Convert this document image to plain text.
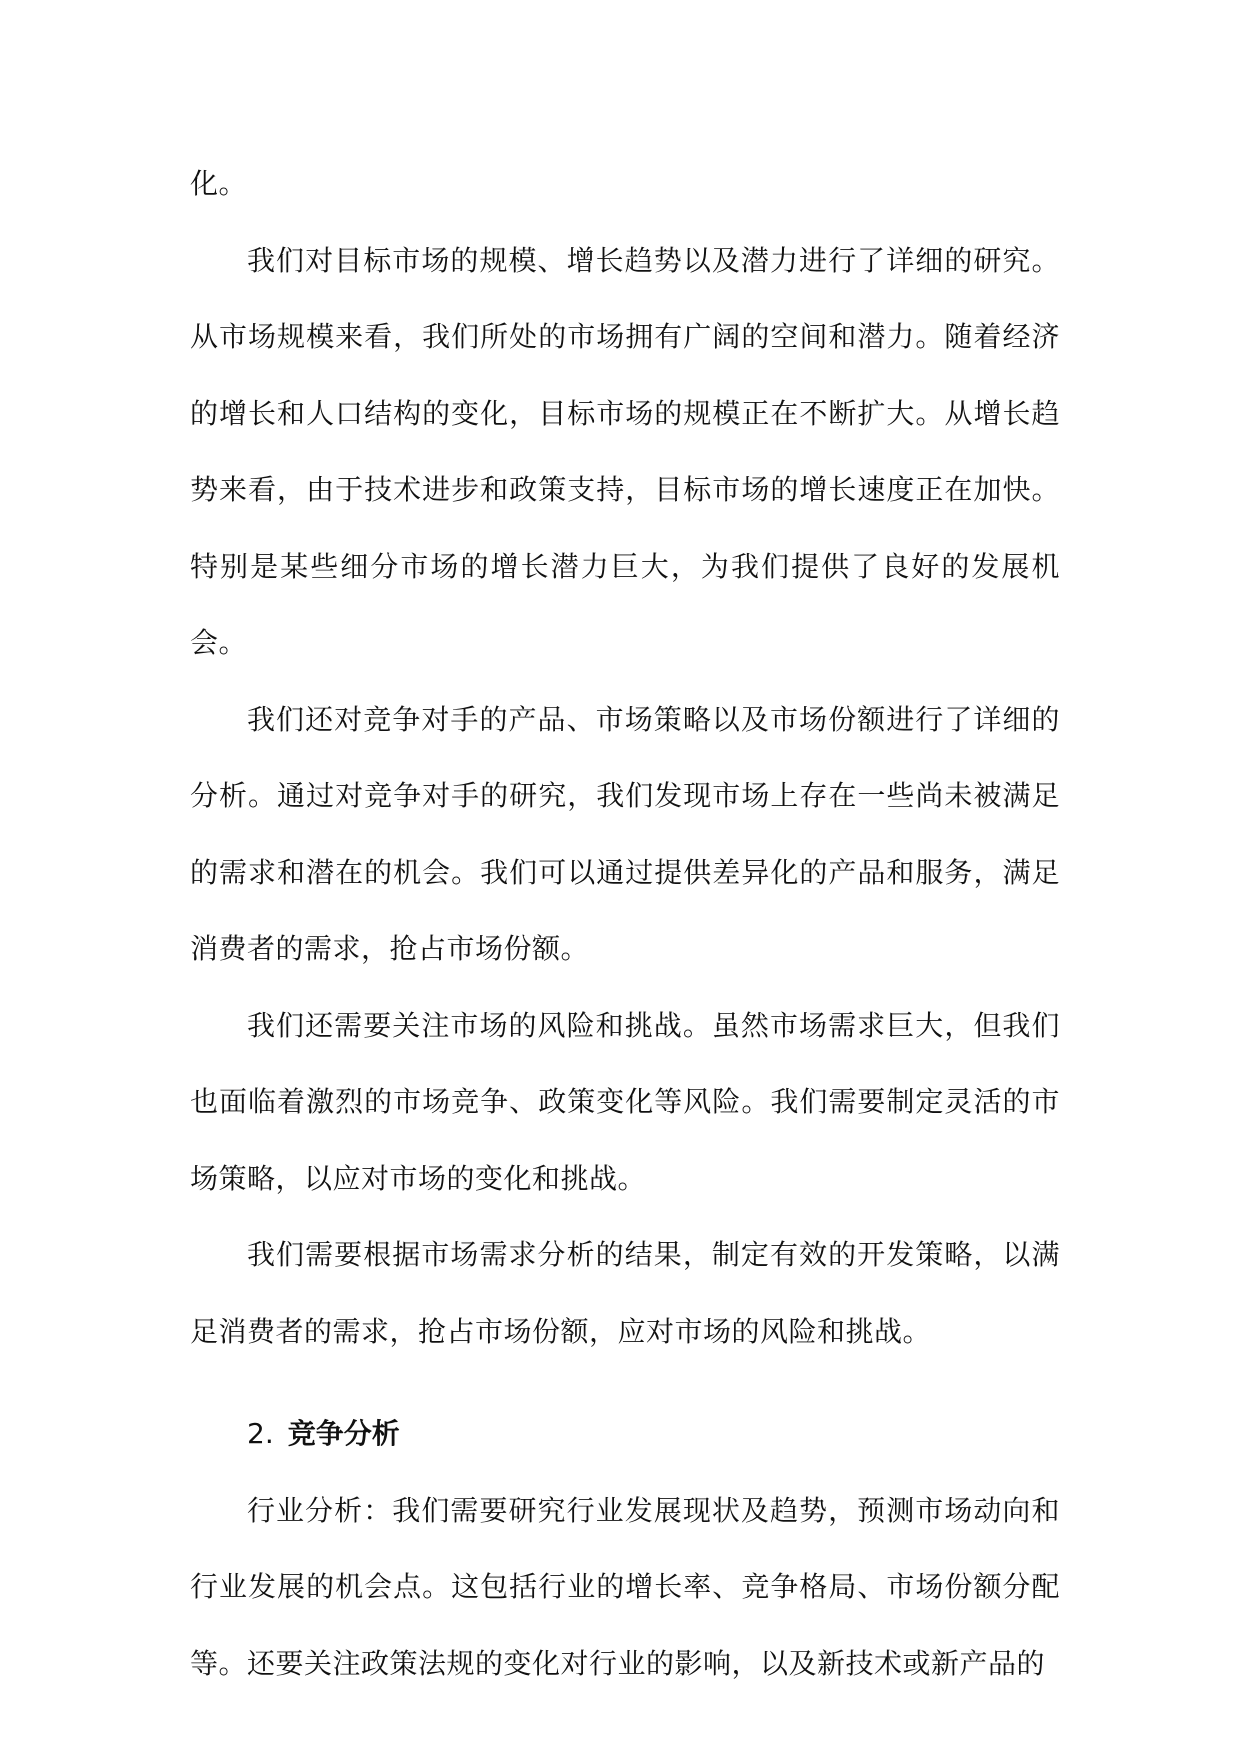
化。

我们对目标市场的规模、增长趋势以及潜力进行了详细的研究。从市场规模来看，我们所处的市场拥有广阔的空间和潜力。随着经济的增长和人口结构的变化，目标市场的规模正在不断扩大。从增长趋势来看，由于技术进步和政策支持，目标市场的增长速度正在加快。特别是某些细分市场的增长潜力巨大，为我们提供了良好的发展机会。

我们还对竞争对手的产品、市场策略以及市场份额进行了详细的分析。通过对竞争对手的研究，我们发现市场上存在一些尚未被满足的需求和潜在的机会。我们可以通过提供差异化的产品和服务，满足消费者的需求，抢占市场份额。

我们还需要关注市场的风险和挑战。虽然市场需求巨大，但我们也面临着激烈的市场竞争、政策变化等风险。我们需要制定灵活的市场策略，以应对市场的变化和挑战。

我们需要根据市场需求分析的结果，制定有效的开发策略，以满足消费者的需求，抢占市场份额，应对市场的风险和挑战。

2. 竞争分析

行业分析：我们需要研究行业发展现状及趋势，预测市场动向和行业发展的机会点。这包括行业的增长率、竞争格局、市场份额分配等。还要关注政策法规的变化对行业的影响，以及新技术或新产品的
